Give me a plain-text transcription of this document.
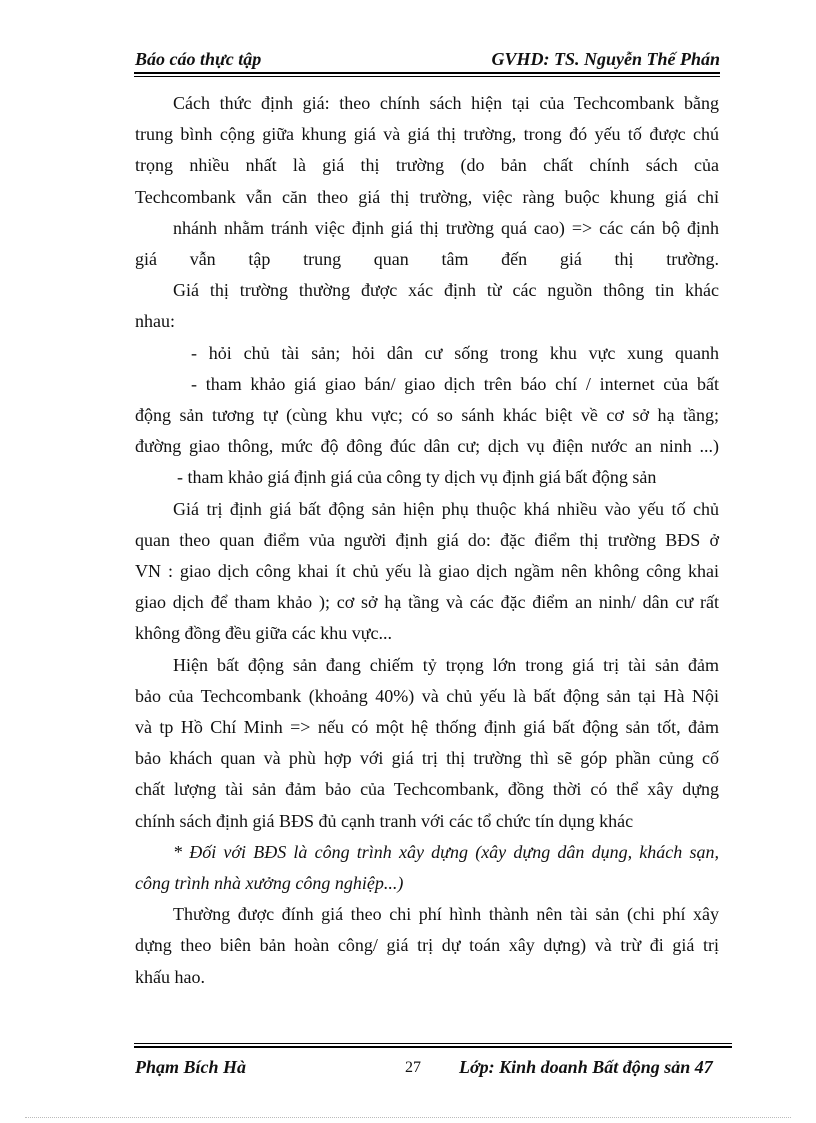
Báo cáo thực tập	GVHD: TS. Nguyễn Thế Phán

Cách thức định giá: theo chính sách hiện tại của Techcombank bằng

trung bình cộng giữa khung giá và giá thị trường, trong đó yếu tố được chú

trọng nhiều nhất là giá thị trường (do bản chất chính sách của

Techcombank vẫn căn theo giá thị trường, việc ràng buộc khung giá chỉ

nhánh nhằm tránh việc định giá thị trường quá cao) => các cán bộ định

giá vẫn tập trung quan tâm đến giá thị trường.

Giá thị trường thường được xác định từ các nguồn thông tin khác

nhau:

- hỏi chủ tài sản; hỏi dân cư sống trong khu vực xung quanh

- tham khảo giá giao bán/ giao dịch trên báo chí / internet của bất

động sản tương tự (cùng khu vực; có so sánh khác biệt về cơ sở hạ tầng;

đường giao thông, mức độ đông đúc dân cư; dịch vụ điện nước an ninh ...)

- tham khảo giá định giá của công ty dịch vụ định giá bất động sản

Giá trị định giá bất động sản hiện phụ thuộc khá nhiều vào yếu tố chủ

quan theo quan điểm vủa người định giá do: đặc điểm thị trường BĐS ở

VN : giao dịch công khai ít chủ yếu là giao dịch ngầm nên không công khai

giao dịch để tham khảo ); cơ sở hạ tầng và các đặc điểm an ninh/ dân cư rất

không đồng đều giữa các khu vực...

Hiện bất động sản đang chiếm tỷ trọng lớn trong giá trị tài sản đảm

bảo của Techcombank (khoảng 40%) và chủ yếu là bất động sản tại Hà Nội

và tp Hồ Chí Minh => nếu có một hệ thống định giá bất động sản tốt, đảm

bảo khách quan và phù hợp với giá trị thị trường thì sẽ góp phần củng cố

chất lượng tài sản đảm bảo của Techcombank, đồng thời có thể xây dựng

chính sách định giá BĐS đủ cạnh tranh với các tổ chức tín dụng khác

* Đối với BĐS là công trình xây dựng (xây dựng dân dụng, khách sạn,

công trình nhà xưởng công nghiệp...)

Thường được đính giá theo chi phí hình thành nên tài sản (chi phí xây

dựng theo biên bản hoàn công/ giá trị dự toán xây dựng) và trừ đi giá trị

khấu hao.

Phạm Bích Hà	27 Lớp: Kinh doanh Bất động sản 47
